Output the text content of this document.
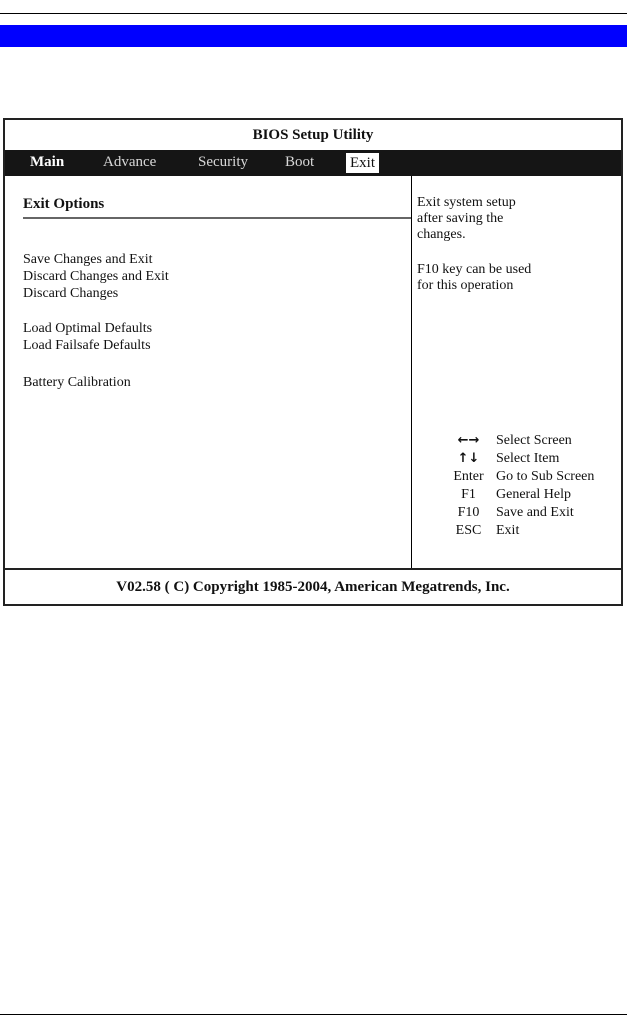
BIOS Setup Utility
Main	Advance	Security Boot Exit
Exit Options
Save Changes and Exit
Discard Changes and Exit
Discard Changes
Load Optimal Defaults
Load Failsafe Defaults
Battery Calibration
Exit system setup
after saving the
changes.
F10 key can be used
for this operation
←→	Select Screen
↑↓	Select Item
Enter Go to Sub Screen
F1	General Help
F10	Save and Exit
ESC	Exit
V02.58 ( C) Copyright 1985-2004, American Megatrends, Inc.
